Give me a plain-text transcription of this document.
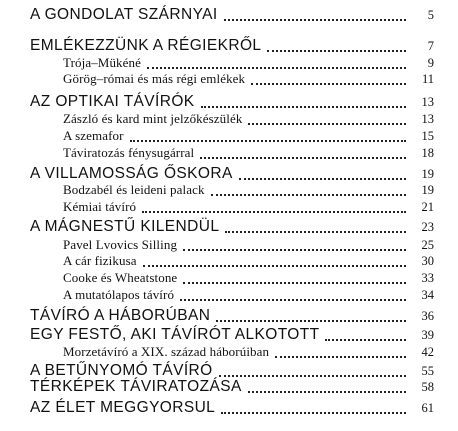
A GONDOLAT SZÁRNYAI	5
EMLÉKEZZÜNK A RÉGIEKRŐL	7
Trója–Mükéné	9
Görög–római és más régi emlékek	11
AZ OPTIKAI TÁVÍRÓK	13
Zászló és kard mint jelzőkészülék	13
A szemafor	15
Táviratozás fénysugárral	18
A VILLAMOSSÁG ŐSKORA	19
Bodzabél és leideni palack	19
Kémiai távíró	21
A MÁGNESTŰ KILENDÜL	23
Pavel Lvovics Silling	25
A cár fizikusa	30
Cooke és Wheatstone	33
A mutatólapos távíró	34
TÁVÍRÓ A HÁBORÚBAN	36
EGY FESTŐ, AKI TÁVÍRÓT ALKOTOTT	39
Morzetávíró a XIX. század háborúiban	42
A BETŰNYOMÓ TÁVÍRÓ	55
TÉRKÉPEK TÁVIRATOZÁSA	58
AZ ÉLET MEGGYORSUL	61
